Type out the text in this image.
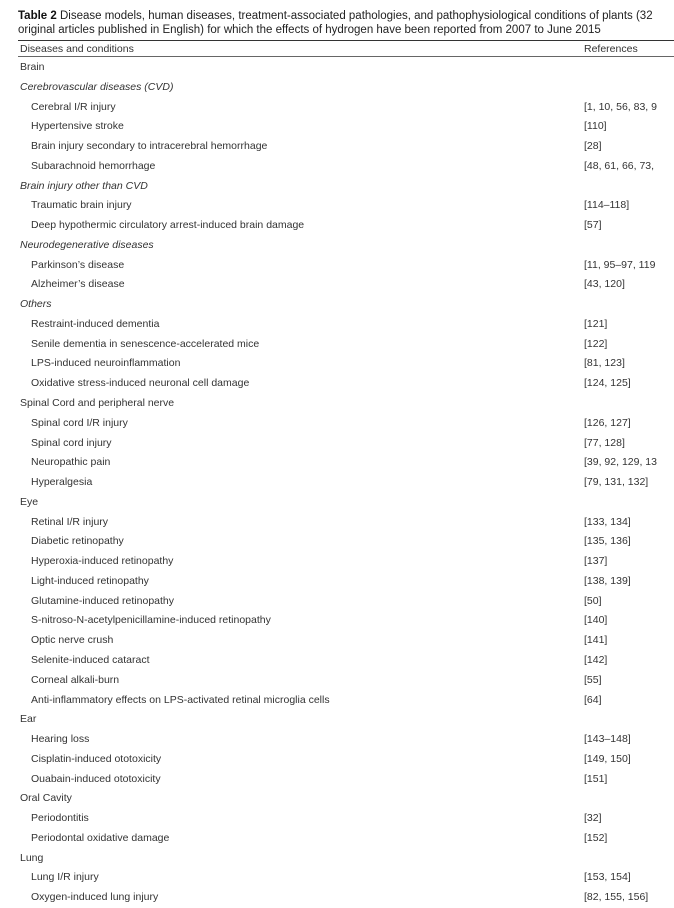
Table 2 Disease models, human diseases, treatment-associated pathologies, and pathophysiological conditions of plants (32
original articles published in English) for which the effects of hydrogen have been reported from 2007 to June 2015
Diseases and conditions	References
Brain
Cerebrovascular diseases (CVD)
Cerebral I/R injury	[1, 10, 56, 83, 9
Hypertensive stroke	[110]
Brain injury secondary to intracerebral hemorrhage	[28]
Subarachnoid hemorrhage	[48, 61, 66, 73,
Brain injury other than CVD
Traumatic brain injury	[114–118]
Deep hypothermic circulatory arrest-induced brain damage	[57]
Neurodegenerative diseases
Parkinson’s disease	[11, 95–97, 119
Alzheimer’s disease	[43, 120]
Others
Restraint-induced dementia	[121]
Senile dementia in senescence-accelerated mice	[122]
LPS-induced neuroinflammation	[81, 123]
Oxidative stress-induced neuronal cell damage	[124, 125]
Spinal Cord and peripheral nerve
Spinal cord I/R injury	[126, 127]
Spinal cord injury	[77, 128]
Neuropathic pain	[39, 92, 129, 13
Hyperalgesia	[79, 131, 132]
Eye
Retinal I/R injury	[133, 134]
Diabetic retinopathy	[135, 136]
Hyperoxia-induced retinopathy	[137]
Light-induced retinopathy	[138, 139]
Glutamine-induced retinopathy	[50]
S-nitroso-N-acetylpenicillamine-induced retinopathy	[140]
Optic nerve crush	[141]
Selenite-induced cataract	[142]
Corneal alkali-burn	[55]
Anti-inflammatory effects on LPS-activated retinal microglia cells	[64]
Ear
Hearing loss	[143–148]
Cisplatin-induced ototoxicity	[149, 150]
Ouabain-induced ototoxicity	[151]
Oral Cavity
Periodontitis	[32]
Periodontal oxidative damage	[152]
Lung
Lung I/R injury	[153, 154]
Oxygen-induced lung injury	[82, 155, 156]
